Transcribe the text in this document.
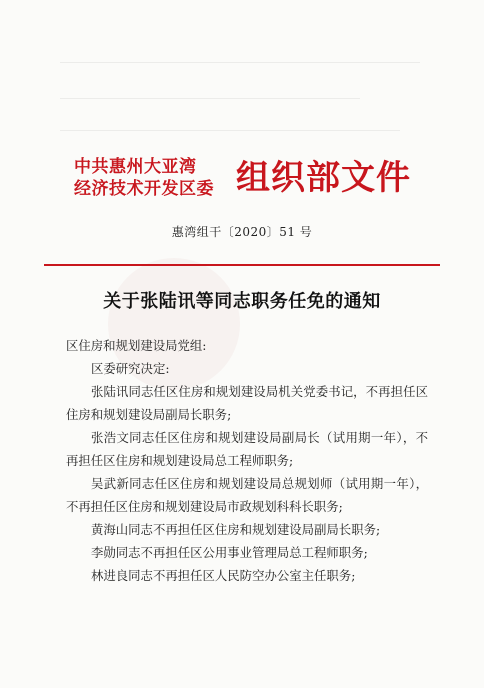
中共惠州大亚湾
经济技术开发区委 组织部文件
惠湾组干〔2020〕51 号
关于张陆讯等同志职务任免的通知

区住房和规划建设局党组:

区委研究决定:

张陆讯同志任区住房和规划建设局机关党委书记，不再担任区住房和规划建设局副局长职务;

张浩文同志任区住房和规划建设局副局长（试用期一年），不再担任区住房和规划建设局总工程师职务;

吴武新同志任区住房和规划建设局总规划师（试用期一年），不再担任区住房和规划建设局市政规划科科长职务;

黄海山同志不再担任区住房和规划建设局副局长职务;

李勋同志不再担任区公用事业管理局总工程师职务;

林进良同志不再担任区人民防空办公室主任职务;
